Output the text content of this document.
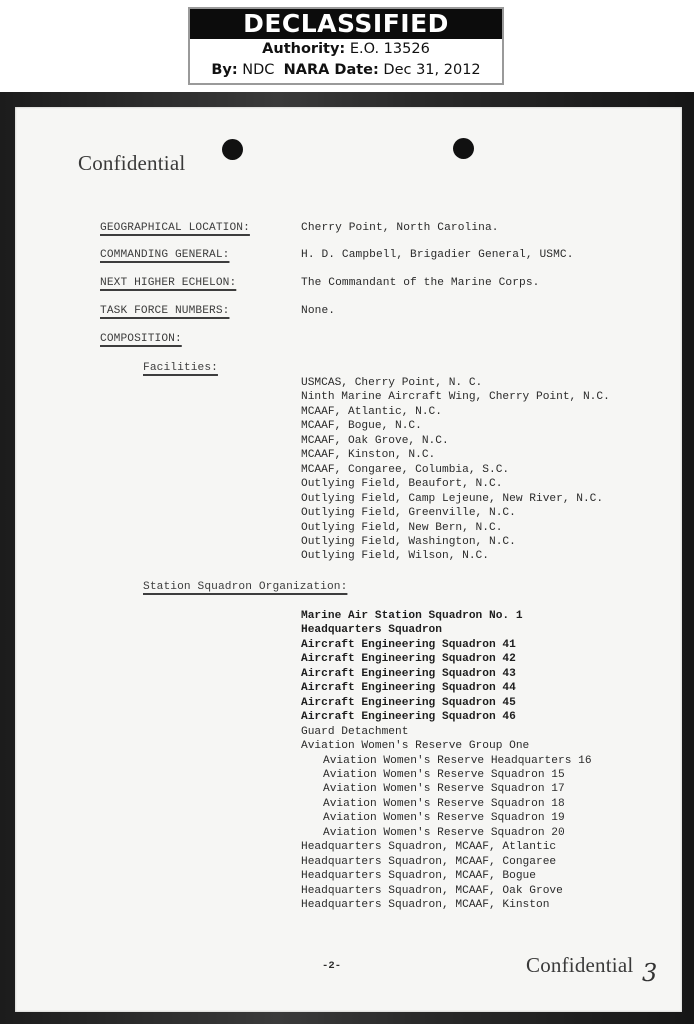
DECLASSIFIED
Authority: E.O. 13526
By: NDC NARA Date: Dec 31, 2012
Confidential
GEOGRAPHICAL LOCATION:	Cherry Point, North Carolina.
COMMANDING GENERAL:	H. D. Campbell, Brigadier General, USMC.
NEXT HIGHER ECHELON:	The Commandant of the Marine Corps.
TASK FORCE NUMBERS:	None.
COMPOSITION:
Facilities:
USMCAS, Cherry Point, N. C.
Ninth Marine Aircraft Wing, Cherry Point, N.C.
MCAAF, Atlantic, N.C.
MCAAF, Bogue, N.C.
MCAAF, Oak Grove, N.C.
MCAAF, Kinston, N.C.
MCAAF, Congaree, Columbia, S.C.
Outlying Field, Beaufort, N.C.
Outlying Field, Camp Lejeune, New River, N.C.
Outlying Field, Greenville, N.C.
Outlying Field, New Bern, N.C.
Outlying Field, Washington, N.C.
Outlying Field, Wilson, N.C.
Station Squadron Organization:
Marine Air Station Squadron No. 1
Headquarters Squadron
Aircraft Engineering Squadron 41
Aircraft Engineering Squadron 42
Aircraft Engineering Squadron 43
Aircraft Engineering Squadron 44
Aircraft Engineering Squadron 45
Aircraft Engineering Squadron 46
Guard Detachment
Aviation Women's Reserve Group One
Aviation Women's Reserve Headquarters 16
Aviation Women's Reserve Squadron 15
Aviation Women's Reserve Squadron 17
Aviation Women's Reserve Squadron 18
Aviation Women's Reserve Squadron 19
Aviation Women's Reserve Squadron 20
Headquarters Squadron, MCAAF, Atlantic
Headquarters Squadron, MCAAF, Congaree
Headquarters Squadron, MCAAF, Bogue
Headquarters Squadron, MCAAF, Oak Grove
Headquarters Squadron, MCAAF, Kinston
-2-	Confidential 3
